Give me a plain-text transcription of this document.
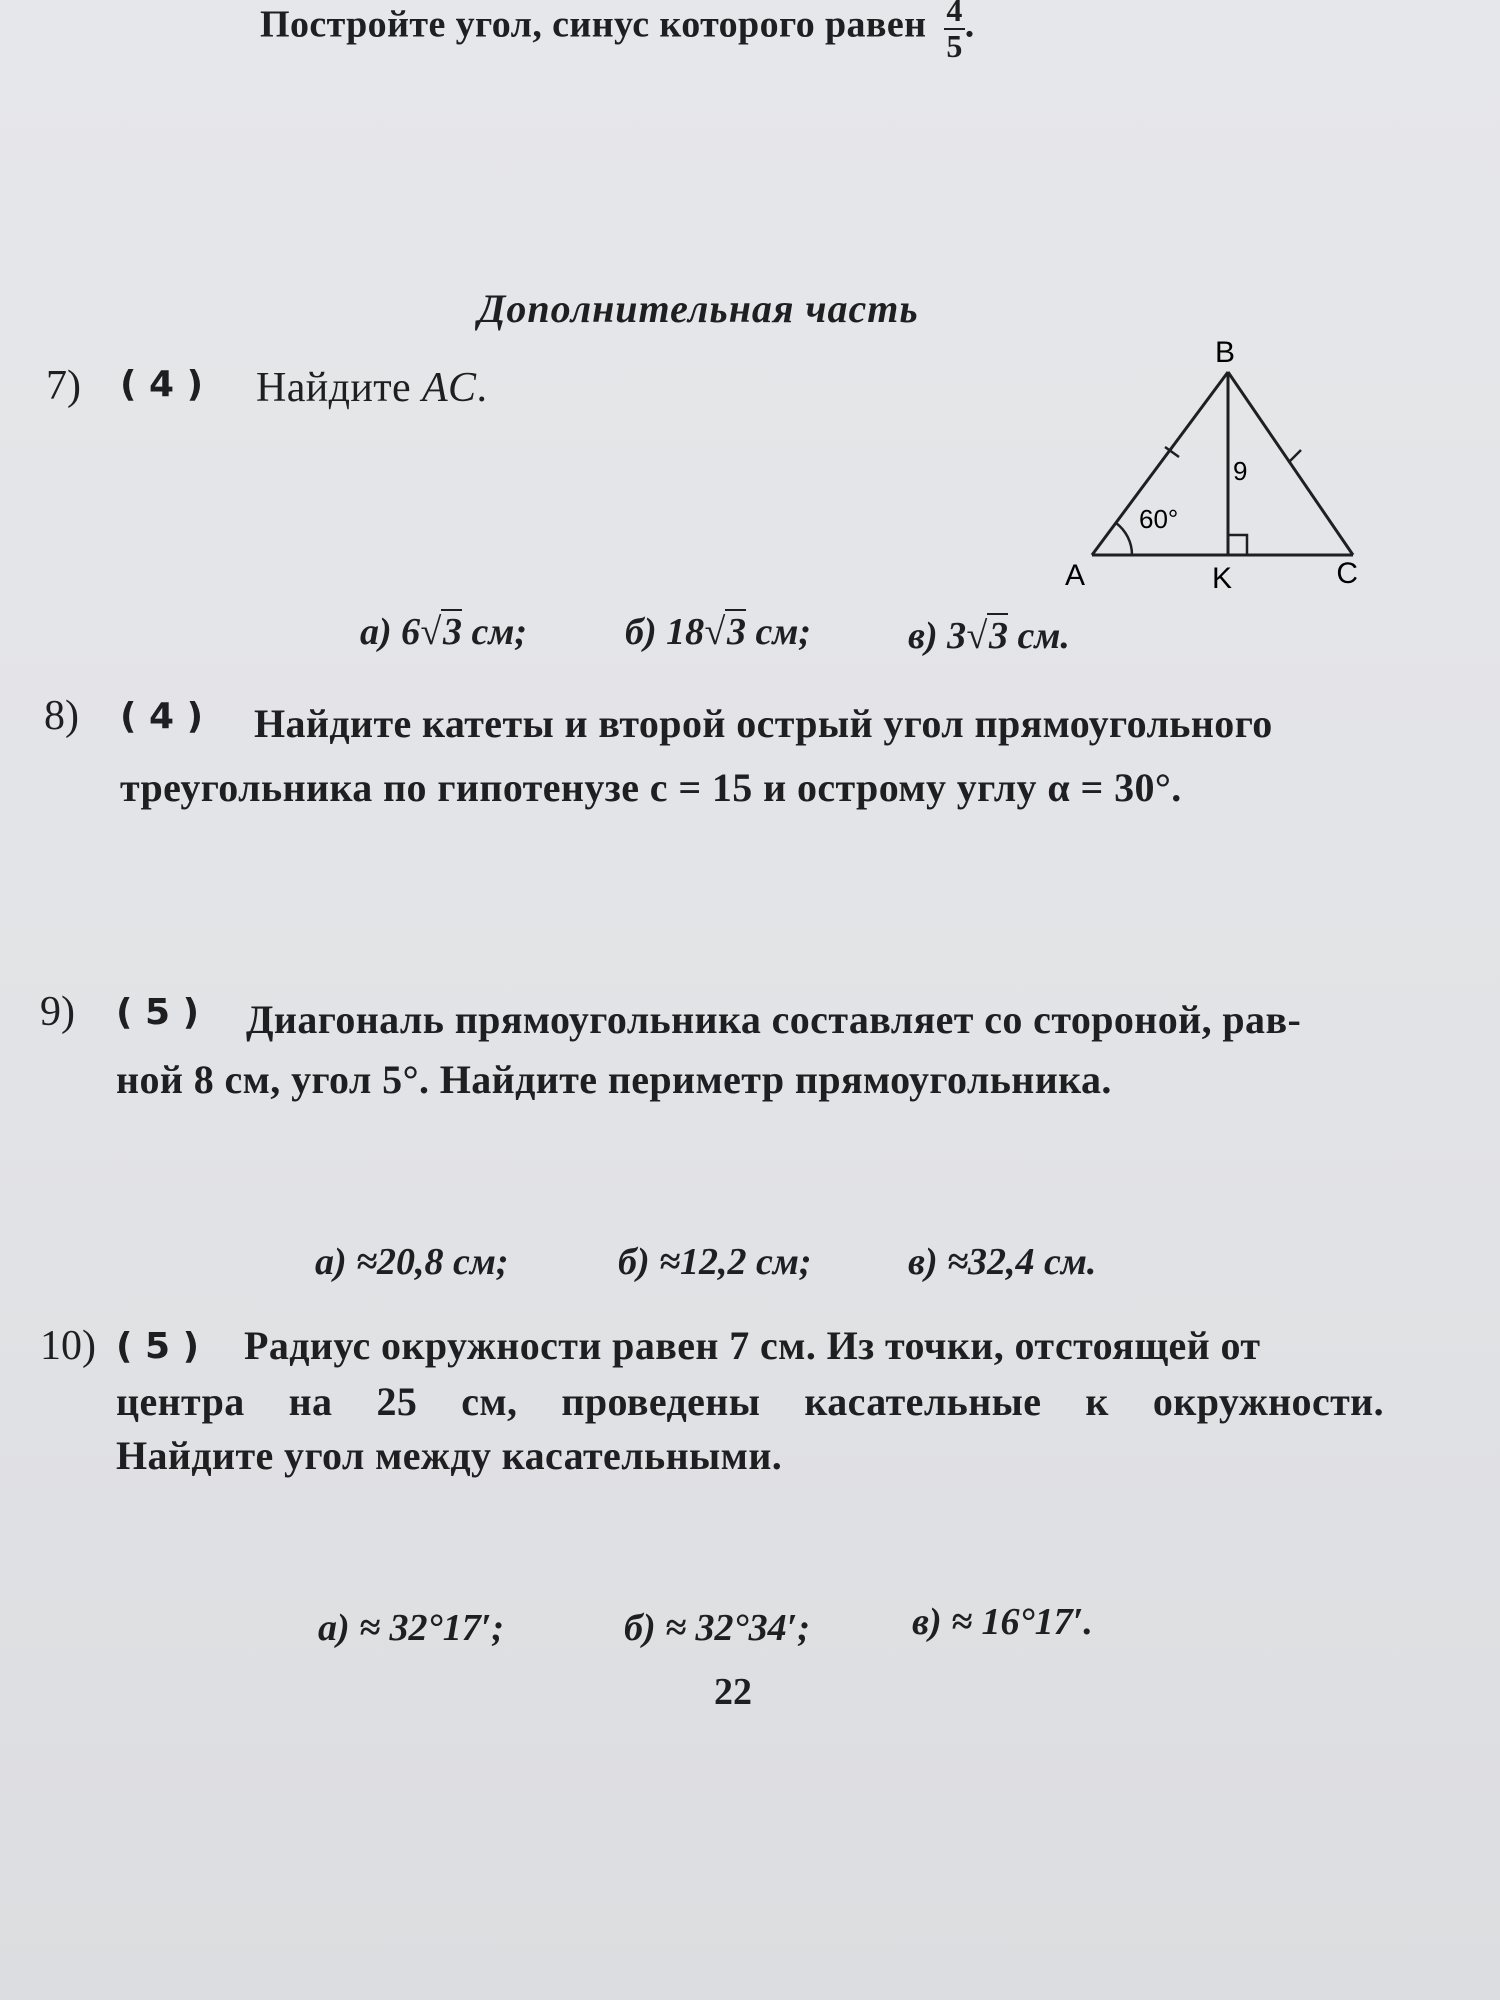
Постройте угол, синус которого равен $\frac{4}{5}$ .
Дополнительная часть
7) ( 4 ) Найдите AC.
60°
9
B
A	K	C
а) 6√3 см;	б) 18√3 см;	в) 3√3 см.
8) ( 4 ) Найдите катеты и второй острый угол прямоугольного
треугольника по гипотенузе c = 15 и острому углу α = 30°.
9) ( 5 ) Диагональ прямоугольника составляет со стороной, рав-
ной 8 см, угол 5°. Найдите периметр прямоугольника.
а) ≈20,8 см;	б) ≈12,2 см;	в) ≈32,4 см.
10) ( 5 ) Радиус окружности равен 7 см. Из точки, отстоящей от
центра на 25 см, проведены касательные к окружности.
Найдите угол между касательными.
а) ≈ 32°17′;	б) ≈ 32°34′;	в) ≈ 16°17′.
22
